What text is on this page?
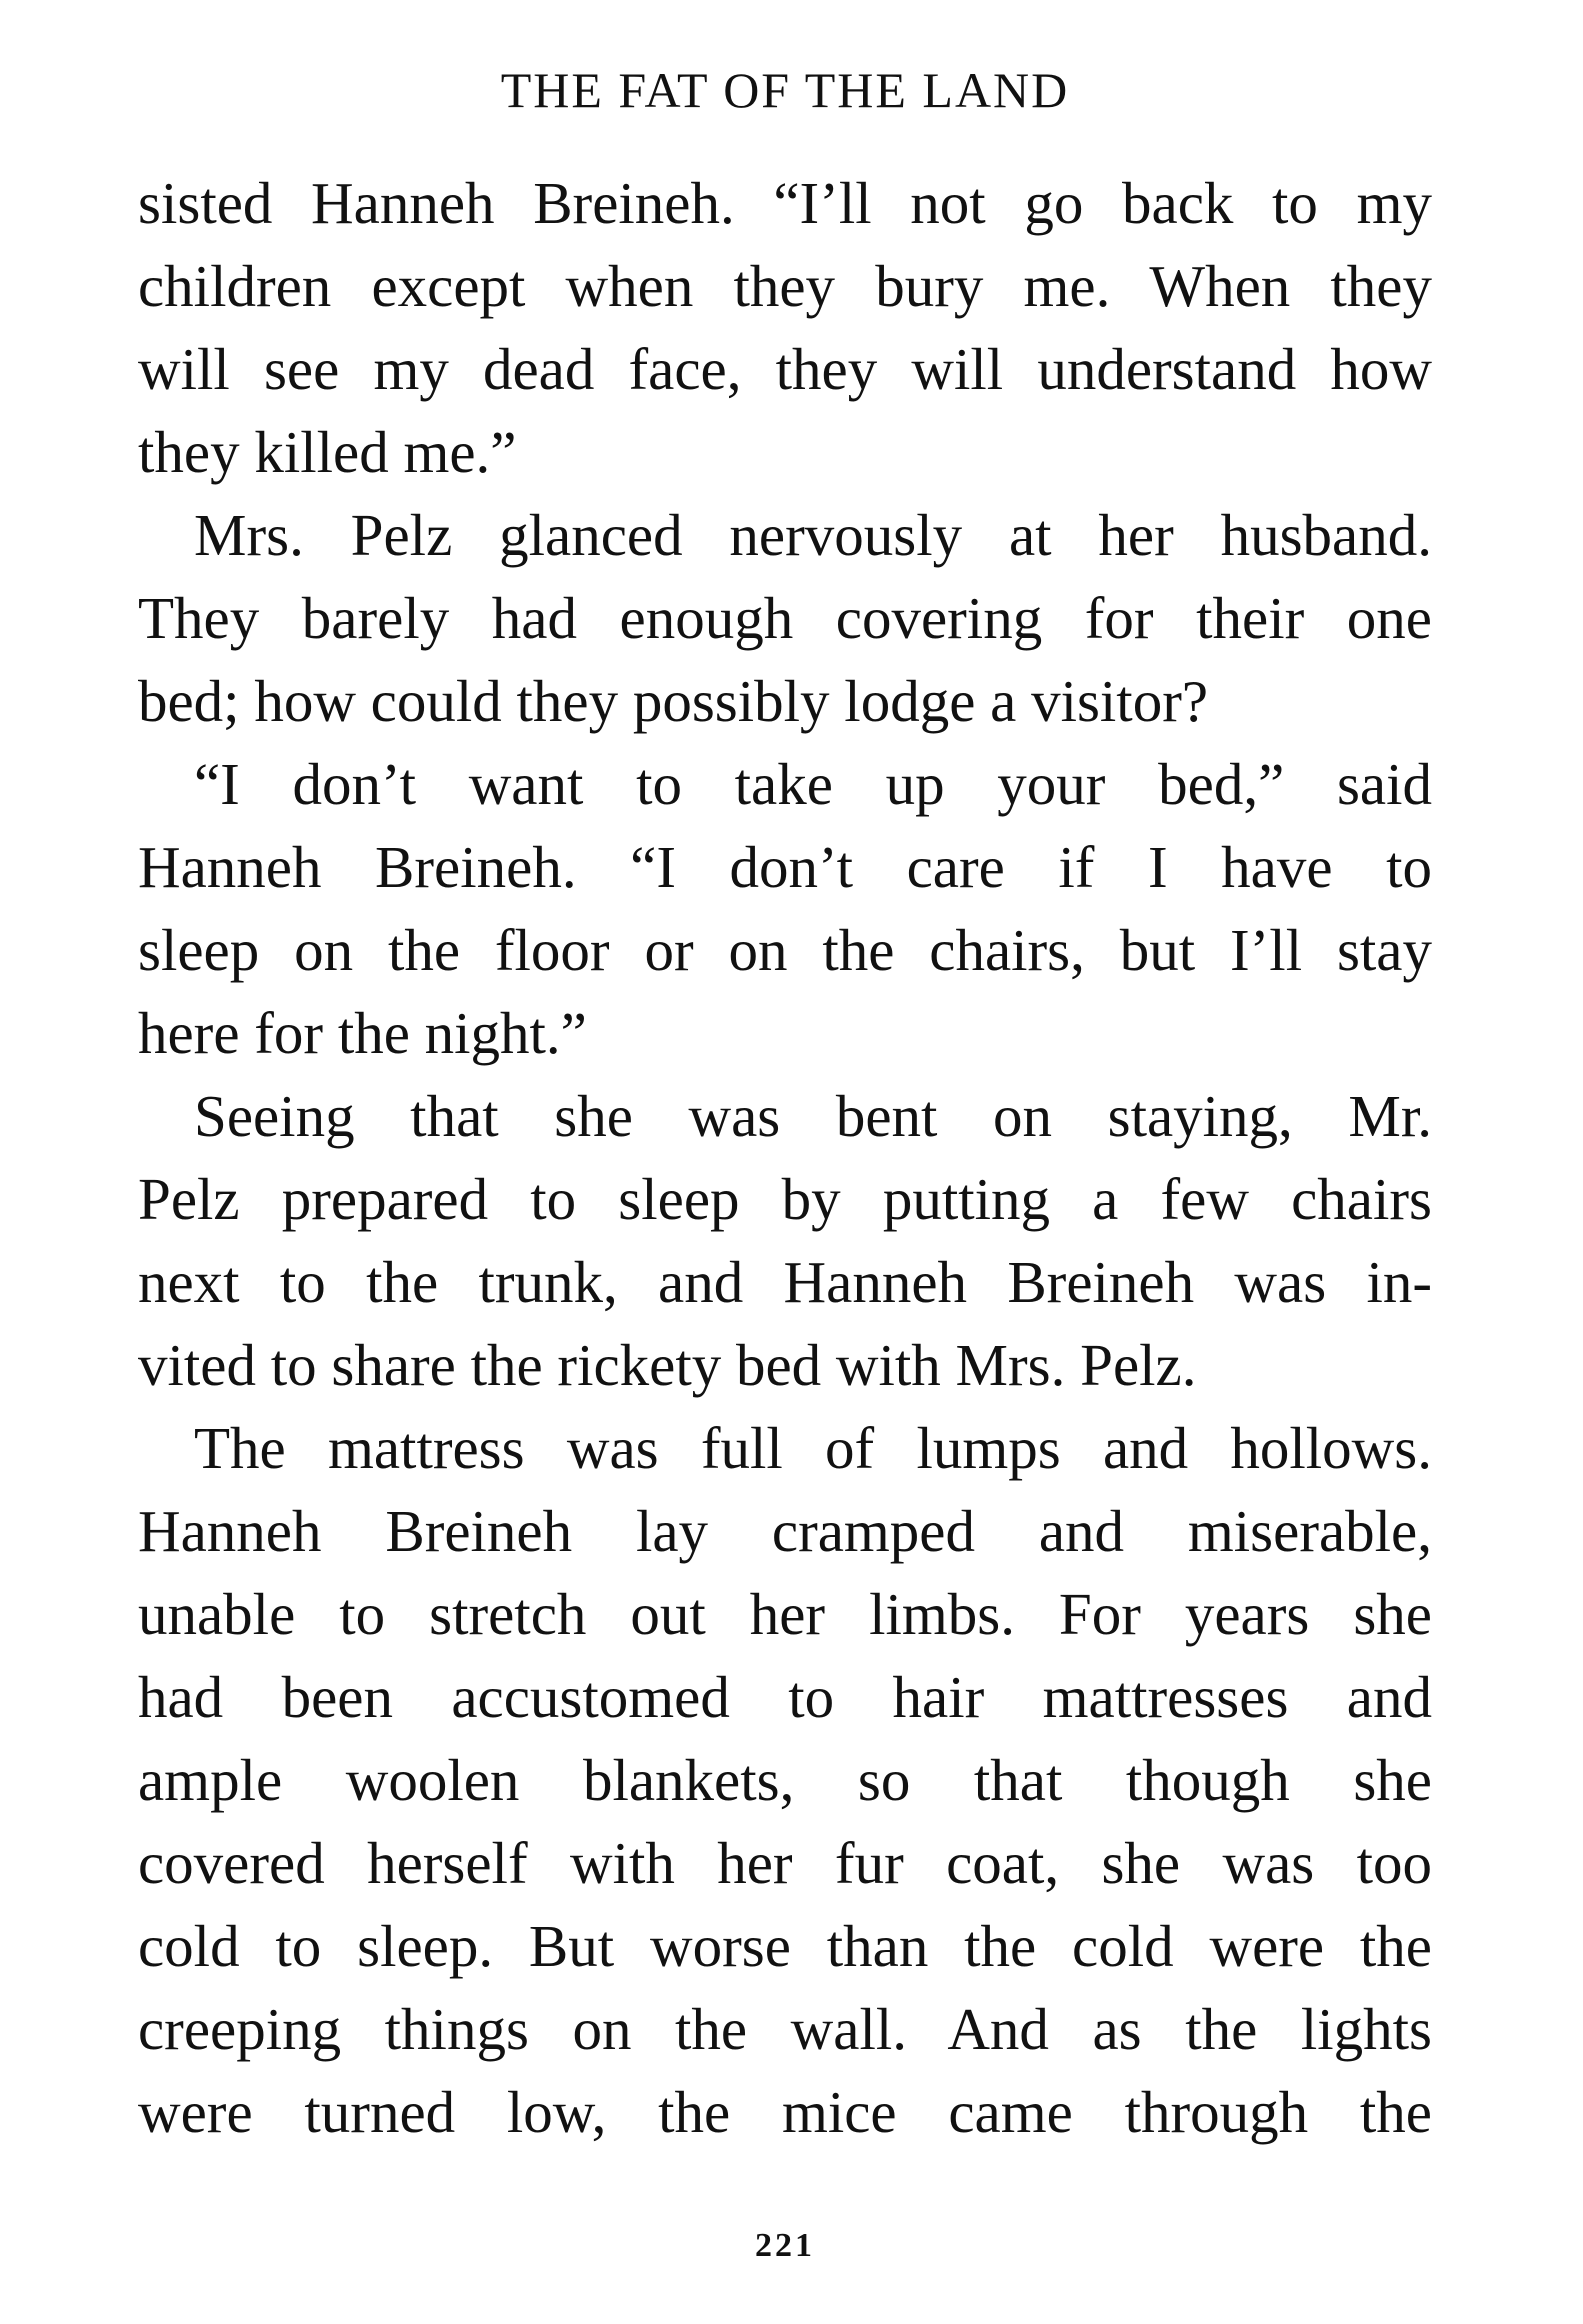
THE FAT OF THE LAND
sisted Hanneh Breineh. “I’ll not go back to my
children except when they bury me. When they
will see my dead face, they will understand how
they killed me.”
Mrs. Pelz glanced nervously at her husband.
They barely had enough covering for their one
bed; how could they possibly lodge a visitor?
“I don’t want to take up your bed,” said
Hanneh Breineh. “I don’t care if I have to
sleep on the floor or on the chairs, but I’ll stay
here for the night.”
Seeing that she was bent on staying, Mr.
Pelz prepared to sleep by putting a few chairs
next to the trunk, and Hanneh Breineh was in-
vited to share the rickety bed with Mrs. Pelz.
The mattress was full of lumps and hollows.
Hanneh Breineh lay cramped and miserable,
unable to stretch out her limbs. For years she
had been accustomed to hair mattresses and
ample woolen blankets, so that though she
covered herself with her fur coat, she was too
cold to sleep. But worse than the cold were the
creeping things on the wall. And as the lights
were turned low, the mice came through the
221
